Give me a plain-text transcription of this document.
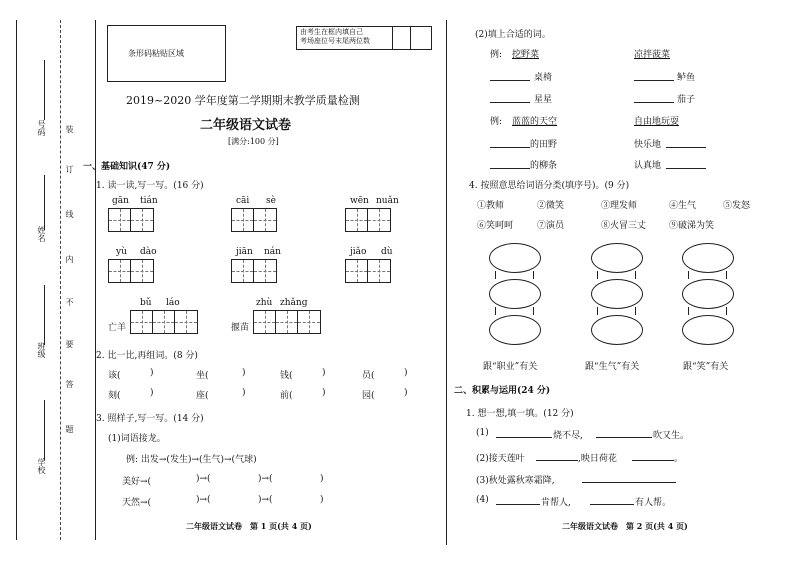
号码
姓名
班级
学校
装
订
线
内
不
要
答
题
条形码粘贴区域
由考生在框内填自己
考场座位号末尾两位数
2019~2020 学年度第二学期期末教学质量检测
二年级语文试卷
[满分:100 分]
一、基础知识(47 分)
1. 读一读,写一写。(16 分)
gān tián	cāi sè	wēn nuǎn
yù dào	jiān nán	jiǎo dù
bǔ láo
亡羊
zhù zhǎng
揠苗
2. 比一比,再组词。(8 分)
该(	)	坐(	)	钱(	)	员(	)
刻(	)	座(	)	前(	)	园(	)
3. 照样子,写一写。(14 分)
(1)词语接龙。
例: 出发→(发生)→(生气)→(气球)
美好→(	)→(	)→(	)
天然→(	)→(	)→(	)
二年级语文试卷　第 1 页(共 4 页)
(2)填上合适的词。
例: 挖野菜	凉拌菠菜
桌椅	鲈鱼
星星	茄子
例: 蓝蓝的天空	自由地玩耍
的田野	快乐地
的柳条	认真地
4. 按照意思给词语分类(填序号)。(9 分)
①教师	②微笑	③理发师	④生气	⑤发怒
⑥笑呵呵	⑦演员	⑧火冒三丈	⑨破涕为笑
跟“职业”有关	跟“生气”有关	跟“笑”有关
二、积累与运用(24 分)
1. 想一想,填一填。(12 分)
(1)	烧不尽,	吹又生。
(2)接天莲叶	,映日荷花	。
(3)秋处露秋寒霜降,
(4)	肯帮人,	有人帮。
二年级语文试卷　第 2 页(共 4 页)
